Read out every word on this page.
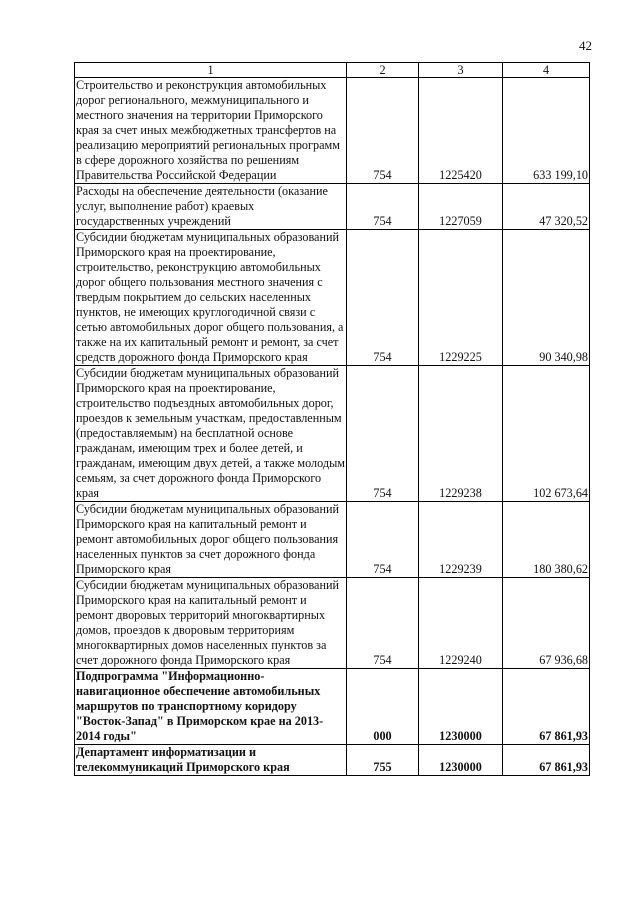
42
1	2	3	4
Строительство и реконструкция автомобильных дорог регионального, межмуниципального и местного значения на территории Приморского края за счет иных межбюджетных трансфертов на реализацию мероприятий региональных программ в сфере дорожного хозяйства по решениям Правительства Российской Федерации	754	1225420	633 199,10
Расходы на обеспечение деятельности (оказание услуг, выполнение работ) краевых государственных учреждений	754	1227059	47 320,52
Субсидии бюджетам муниципальных образований Приморского края на проектирование, строительство, реконструкцию автомобильных дорог общего пользования местного значения с твердым покрытием до сельских населенных пунктов, не имеющих круглогодичной связи с сетью автомобильных дорог общего пользования, а также на их капитальный ремонт и ремонт, за счет средств дорожного фонда Приморского края	754	1229225	90 340,98
Субсидии бюджетам муниципальных образований Приморского края на проектирование, строительство подъездных автомобильных дорог, проездов к земельным участкам, предоставленным (предоставляемым) на бесплатной основе гражданам, имеющим трех и более детей, и гражданам, имеющим двух детей, а также молодым семьям, за счет дорожного фонда Приморского края	754	1229238	102 673,64
Субсидии бюджетам муниципальных образований Приморского края на капитальный ремонт и ремонт автомобильных дорог общего пользования населенных пунктов за счет дорожного фонда Приморского края	754	1229239	180 380,62
Субсидии бюджетам муниципальных образований Приморского края на капитальный ремонт и ремонт дворовых территорий многоквартирных домов, проездов к дворовым территориям многоквартирных домов населенных пунктов за счет дорожного фонда Приморского края	754	1229240	67 936,68
Подпрограмма "Информационно-навигационное обеспечение автомобильных маршрутов по транспортному коридору "Восток-Запад" в Приморском крае на 2013-2014 годы"	000	1230000	67 861,93
Департамент информатизации и телекоммуникаций Приморского края	755	1230000	67 861,93
